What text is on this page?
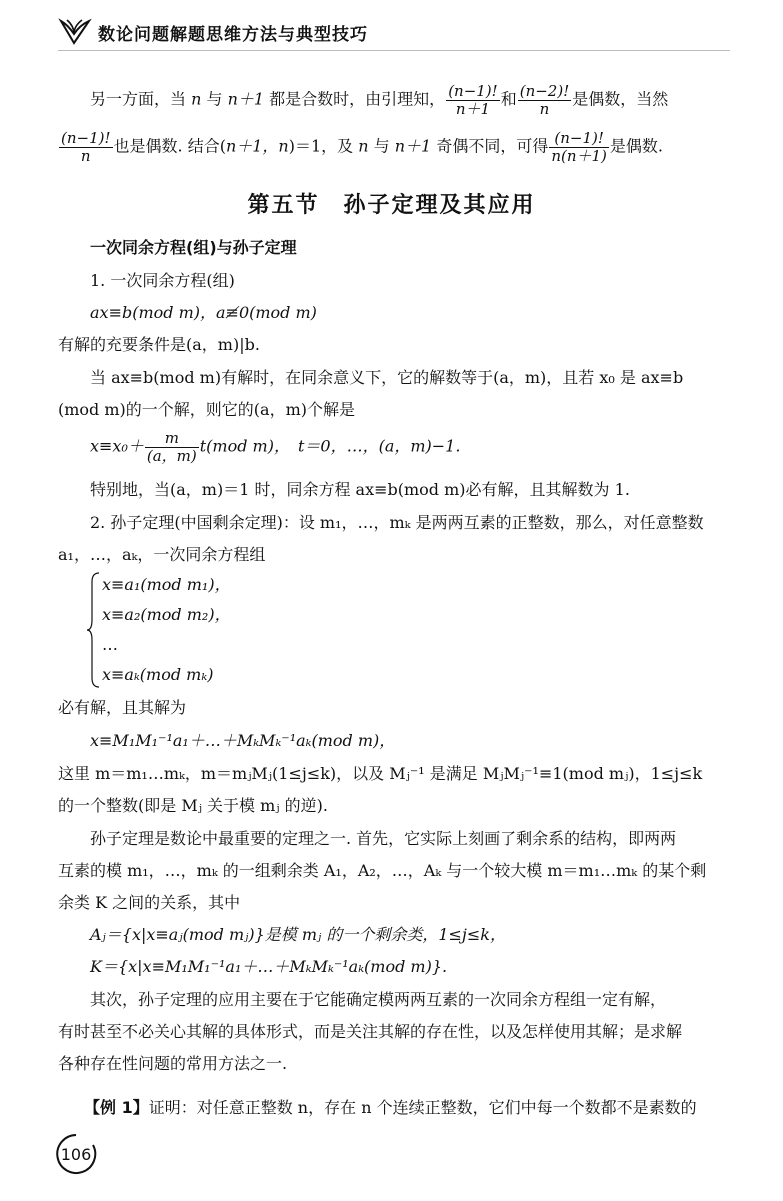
数论问题解题思维方法与典型技巧
另一方面，当 n 与 n＋1 都是合数时，由引理知， $\frac{(n-1)!}{n+1}$ 和 $\frac{(n-2)!}{n}$ 是偶数，当然
$\frac{(n-1)!}{n}$ 也是偶数. 结合(n＋1，n)＝1，及 n 与 n＋1 奇偶不同，可得 $\frac{(n-1)!}{n(n+1)}$ 是偶数.
第五节　孙子定理及其应用
一次同余方程(组)与孙子定理
1. 一次同余方程(组)
ax≡b(mod m)，a≢0(mod m)
有解的充要条件是(a，m)|b.
当 ax≡b(mod m)有解时，在同余意义下，它的解数等于(a，m)，且若 x₀ 是 ax≡b
(mod m)的一个解，则它的(a，m)个解是
$x\equiv x_0+ \frac{m}{(a,m)} t(mod$ m)，　t＝0，…，(a，m)−1.
特别地，当(a，m)＝1 时，同余方程 ax≡b(mod m)必有解，且其解数为 1.
2. 孙子定理(中国剩余定理)：设 m₁，…，mₖ 是两两互素的正整数，那么，对任意整数
a₁，…，aₖ，一次同余方程组
x≡a₁(mod m₁)，
x≡a₂(mod m₂)，
…
x≡aₖ(mod mₖ)
必有解，且其解为
x≡M₁M₁⁻¹a₁＋…＋MₖMₖ⁻¹aₖ(mod m)，
这里 m＝m₁…mₖ，m＝mⱼMⱼ(1≤j≤k)，以及 Mⱼ⁻¹ 是满足 MⱼMⱼ⁻¹≡1(mod mⱼ)，1≤j≤k
的一个整数(即是 Mⱼ 关于模 mⱼ 的逆).
孙子定理是数论中最重要的定理之一. 首先，它实际上刻画了剩余系的结构，即两两
互素的模 m₁，…，mₖ 的一组剩余类 A₁，A₂，…，Aₖ 与一个较大模 m＝m₁…mₖ 的某个剩
余类 K 之间的关系，其中
Aⱼ＝{x|x≡aⱼ(mod mⱼ)}是模 mⱼ 的一个剩余类，1≤j≤k，
K＝{x|x≡M₁M₁⁻¹a₁＋…＋MₖMₖ⁻¹aₖ(mod m)}.
其次，孙子定理的应用主要在于它能确定模两两互素的一次同余方程组一定有解，
有时甚至不必关心其解的具体形式，而是关注其解的存在性，以及怎样使用其解；是求解
各种存在性问题的常用方法之一.
【例 1】证明：对任意正整数 n，存在 n 个连续正整数，它们中每一个数都不是素数的
106
